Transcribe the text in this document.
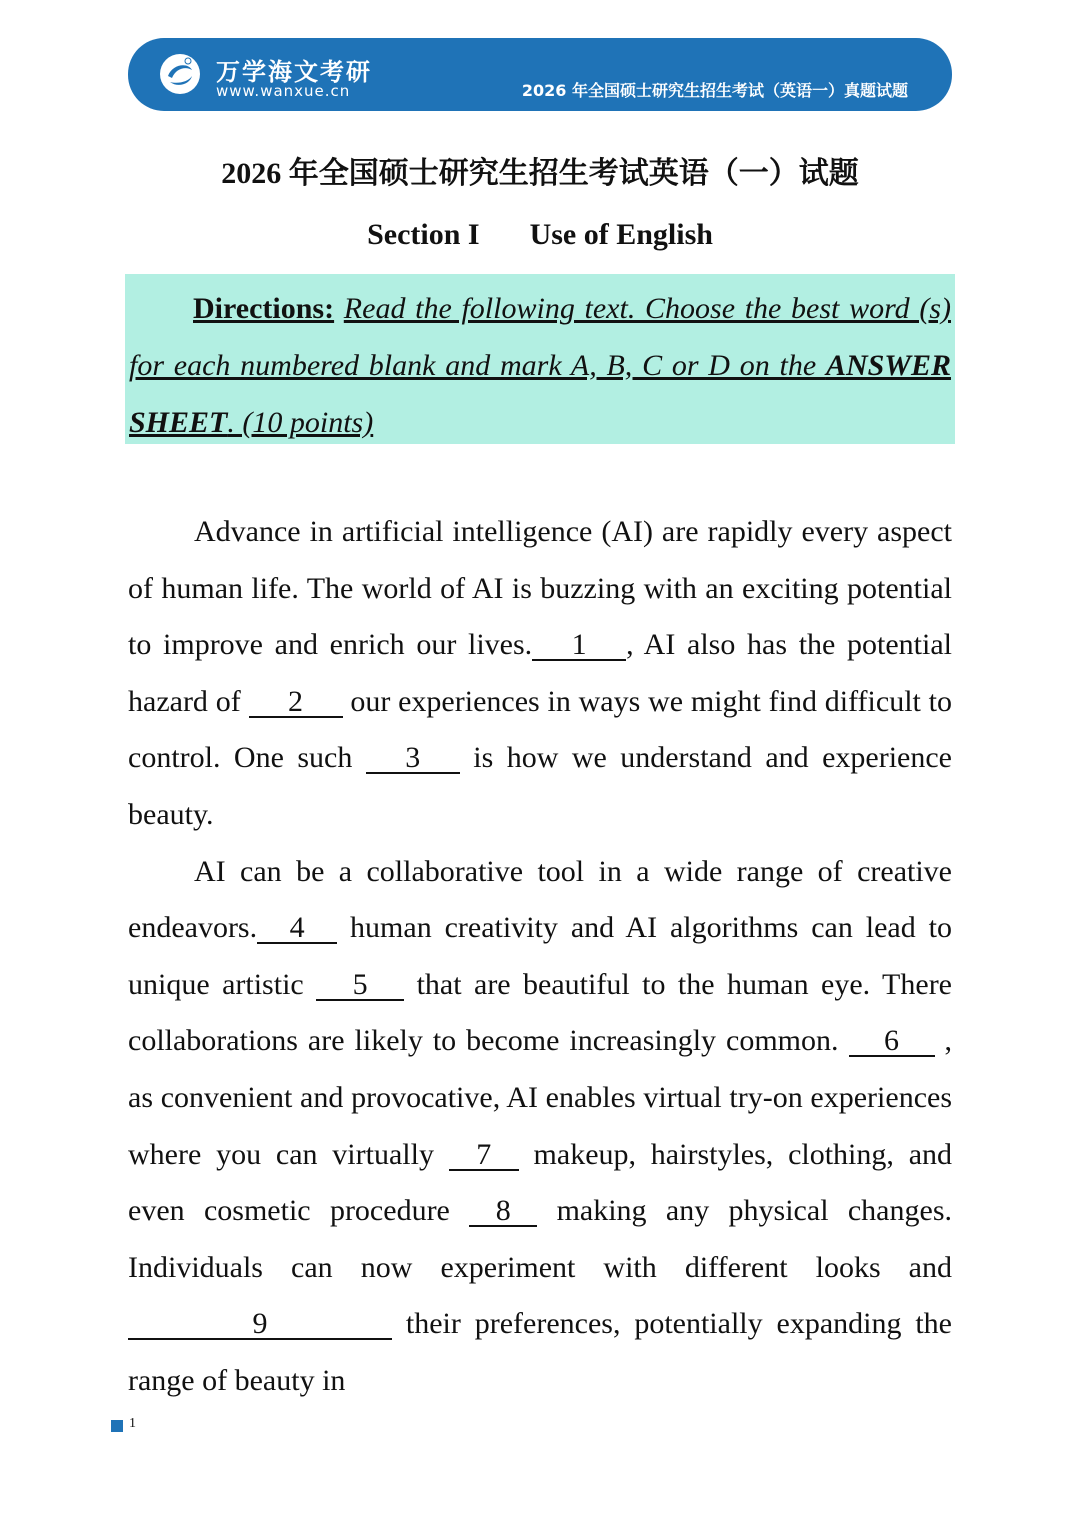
万学海文考研
www.wanxue.cn	2026 年全国硕士研究生招生考试（英语一）真题试题
2026 年全国硕士研究生招生考试英语（一）试题
Section I Use of English
Directions: Read the following text. Choose the best word (s) for each numbered blank and mark A, B, C or D on the ANSWER SHEET. (10 points)

Advance in artificial intelligence (AI) are rapidly every aspect of human life. The world of AI is buzzing with an exciting potential to improve and enrich our lives. 1 , AI also has the potential hazard of 2 our experiences in ways we might find difficult to control. One such 3 is how we understand and experience beauty.

AI can be a collaborative tool in a wide range of creative endeavors. 4 human creativity and AI algorithms can lead to unique artistic 5 that are beautiful to the human eye. There collaborations are likely to become increasingly common. 6 , as convenient and provocative, AI enables virtual try-on experiences where you can virtually 7 makeup, hairstyles, clothing, and even cosmetic procedure 8 making any physical changes. Individuals can now experiment with different looks and9	their preferences, potentially expanding the range of beauty in

1
